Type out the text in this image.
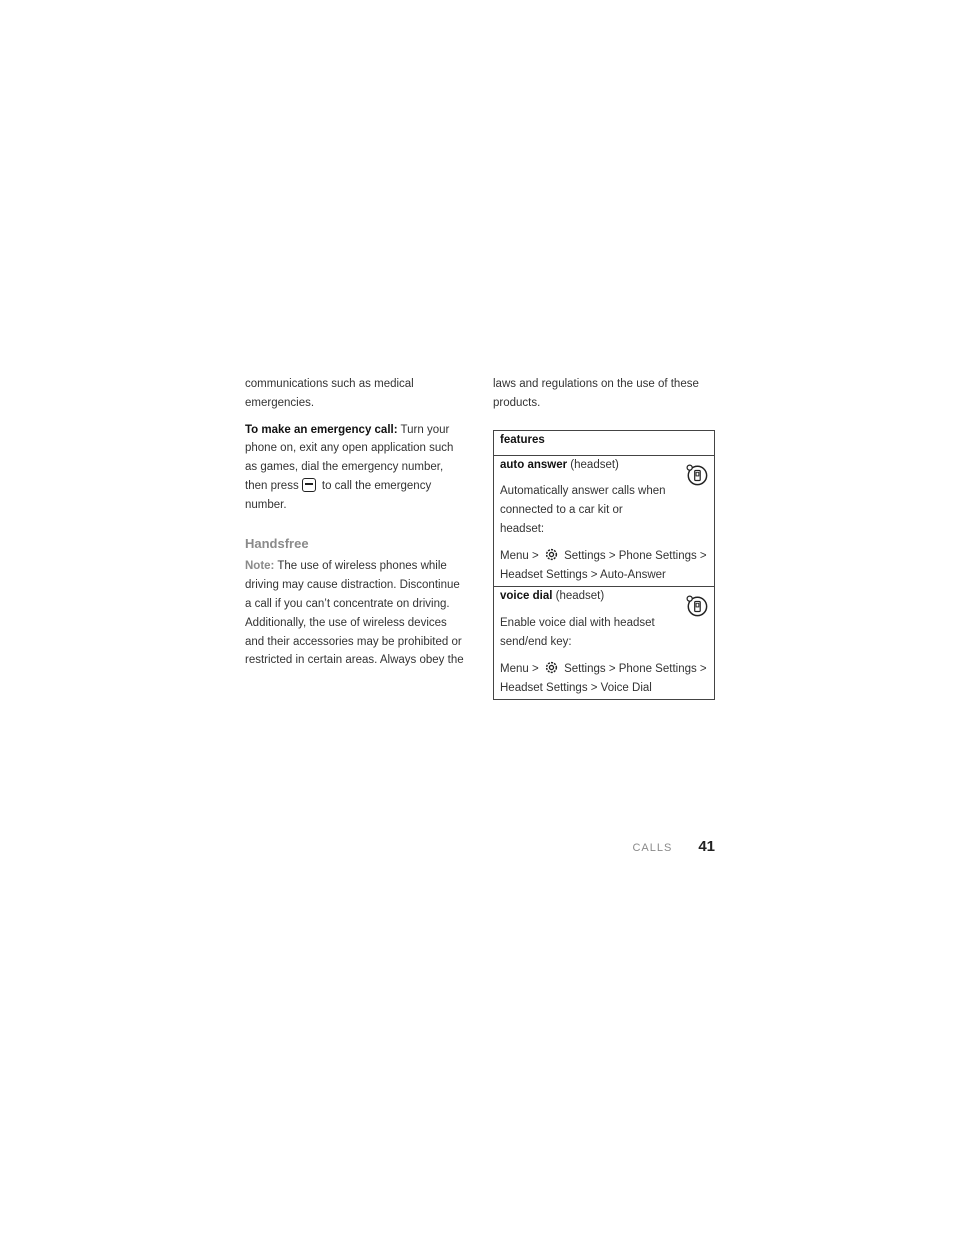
communications such as medical emergencies.

To make an emergency call: Turn your phone on, exit any open application such as games, dial the emergency number, then press to call the emergency number.

Handsfree

Note: The use of wireless phones while driving may cause distraction. Discontinue a call if you can’t concentrate on driving. Additionally, the use of wireless devices and their accessories may be prohibited or restricted in certain areas. Always obey the

laws and regulations on the use of these products.

features

auto answer (headset)

Automatically answer calls when connected to a car kit or headset:

Menu >  Settings > Phone Settings > Headset Settings > Auto-Answer

voice dial (headset)

Enable voice dial with headset send/end key:

Menu >  Settings > Phone Settings > Headset Settings > Voice Dial

CALLS 41
